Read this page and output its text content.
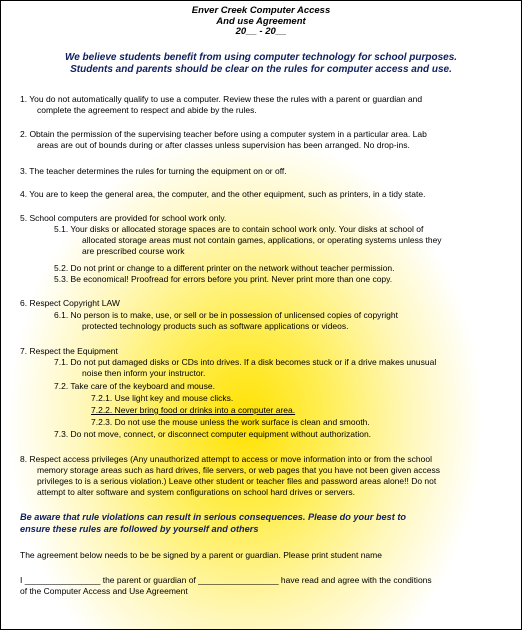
Enver Creek Computer Access
And use Agreement
20__ - 20__
We believe students benefit from using computer technology for school purposes.
Students and parents should be clear on the rules for computer access and use.
1. You do not automatically qualify to use a computer. Review these the rules with a parent or guardian and
complete the agreement to respect and abide by the rules.
2. Obtain the permission of the supervising teacher before using a computer system in a particular area. Lab
areas are out of bounds during or after classes unless supervision has been arranged. No drop-ins.
3. The teacher determines the rules for turning the equipment on or off.
4. You are to keep the general area, the computer, and the other equipment, such as printers, in a tidy state.
5. School computers are provided for school work only.
5.1. Your disks or allocated storage spaces are to contain school work only. Your disks at school of
allocated storage areas must not contain games, applications, or operating systems unless they
are prescribed course work
5.2. Do not print or change to a different printer on the network without teacher permission.
5.3. Be economical! Proofread for errors before you print. Never print more than one copy.
6. Respect Copyright LAW
6.1. No person is to make, use, or sell or be in possession of unlicensed copies of copyright
protected technology products such as software applications or videos.
7. Respect the Equipment
7.1. Do not put damaged disks or CDs into drives. If a disk becomes stuck or if a drive makes unusual
noise then inform your instructor.
7.2. Take care of the keyboard and mouse.
7.2.1. Use light key and mouse clicks.
7.2.2. Never bring food or drinks into a computer area.
7.2.3. Do not use the mouse unless the work surface is clean and smooth.
7.3. Do not move, connect, or disconnect computer equipment without authorization.
8. Respect access privileges (Any unauthorized attempt to access or move information into or from the school
memory storage areas such as hard drives, file servers, or web pages that you have not been given access
privileges to is a serious violation.) Leave other student or teacher files and password areas alone!! Do not
attempt to alter software and system configurations on school hard drives or servers.
Be aware that rule violations can result in serious consequences. Please do your best to
ensure these rules are followed by yourself and others
The agreement below needs to be be signed by a parent or guardian. Please print student name
I ________________ the parent or guardian of _________________ have read and agree with the conditions
of the Computer Access and Use Agreement
